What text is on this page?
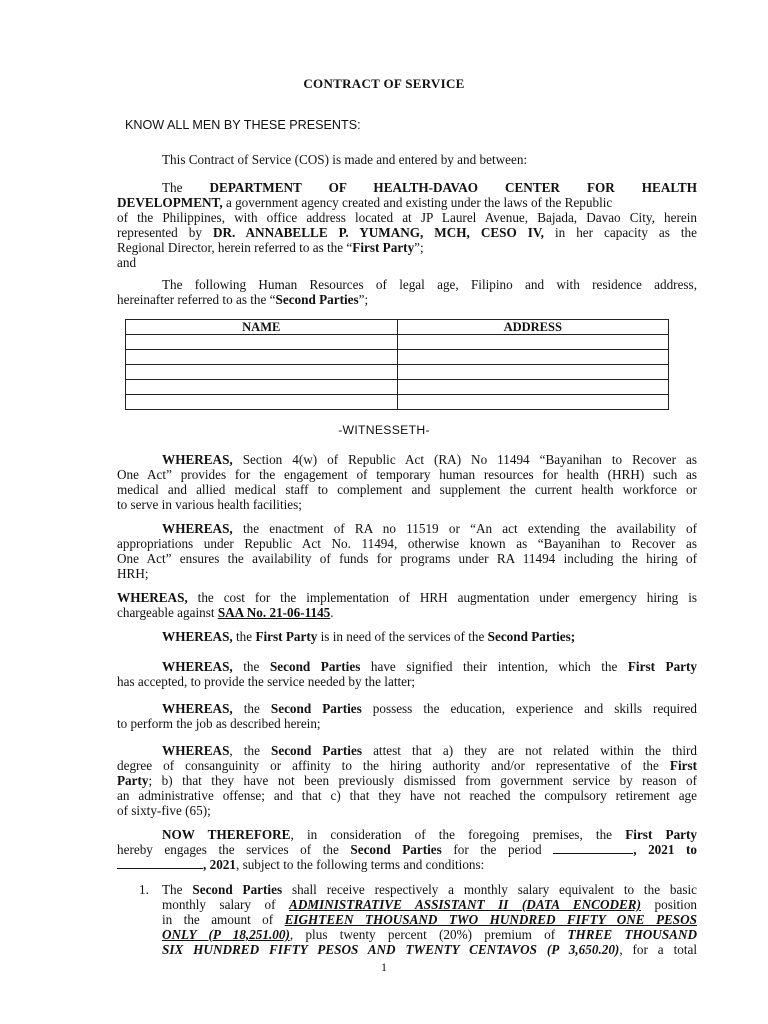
CONTRACT OF SERVICE

KNOW ALL MEN BY THESE PRESENTS:

This Contract of Service (COS) is made and entered by and between:

The DEPARTMENT OF HEALTH-DAVAO CENTER FOR HEALTH
DEVELOPMENT, a government agency created and existing under the laws of the Republic
of the Philippines, with office address located at JP Laurel Avenue, Bajada, Davao City, herein
represented by DR. ANNABELLE P. YUMANG, MCH, CESO IV, in her capacity as the
Regional Director, herein referred to as the “First Party”;
and
The following Human Resources of legal age, Filipino and with residence address,
hereinafter referred to as the “Second Parties”;
NAME	ADDRESS

-WITNESSETH-
WHEREAS, Section 4(w) of Republic Act (RA) No 11494 “Bayanihan to Recover as
One Act” provides for the engagement of temporary human resources for health (HRH) such as
medical and allied medical staff to complement and supplement the current health workforce or
to serve in various health facilities;
WHEREAS, the enactment of RA no 11519 or “An act extending the availability of
appropriations under Republic Act No. 11494, otherwise known as “Bayanihan to Recover as
One Act” ensures the availability of funds for programs under RA 11494 including the hiring of
HRH;
WHEREAS, the cost for the implementation of HRH augmentation under emergency hiring is
chargeable against SAA No. 21-06-1145.
WHEREAS, the First Party is in need of the services of the Second Parties;
WHEREAS, the Second Parties have signified their intention, which the First Party
has accepted, to provide the service needed by the latter;
WHEREAS, the Second Parties possess the education, experience and skills required
to perform the job as described herein;
WHEREAS, the Second Parties attest that a) they are not related within the third
degree of consanguinity or affinity to the hiring authority and/or representative of the First
Party; b) that they have not been previously dismissed from government service by reason of
an administrative offense; and that c) that they have not reached the compulsory retirement age
of sixty-five (65);
NOW THEREFORE, in consideration of the foregoing premises, the First Party
hereby engages the services of the Second Parties for the period	, 2021 to
, 2021, subject to the following terms and conditions:
1. The Second Parties shall receive respectively a monthly salary equivalent to the basic
monthly salary of ADMINISTRATIVE ASSISTANT II (DATA ENCODER) position
in the amount of EIGHTEEN THOUSAND TWO HUNDRED FIFTY ONE PESOS
ONLY (P 18,251.00), plus twenty percent (20%) premium of THREE THOUSAND
SIX HUNDRED FIFTY PESOS AND TWENTY CENTAVOS (P 3,650.20), for a total
1
